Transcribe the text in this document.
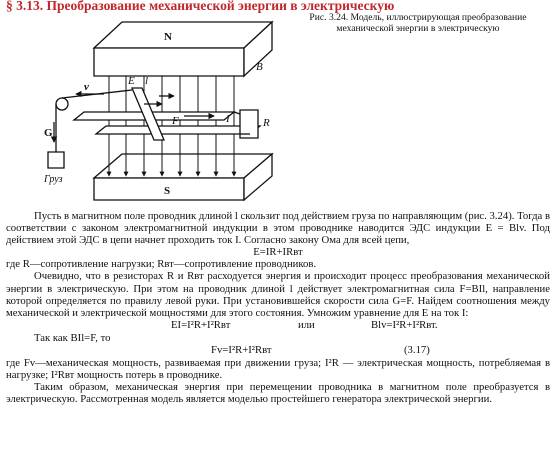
§ 3.13. Преобразование механической энергии в электрическую
Рис. 3.24. Модель, иллюстрирующая преобразование
механической энергии в электрическую
N
S
B
E l
F	I	R
v
G
Груз

Пусть в магнитном поле проводник длиной l скользит под действием груза по направляющим (рис. 3.24). Тогда в соответствии с законом электромагнитной индукции в этом проводнике наводится ЭДС индукции E = Blv. Под действием этой ЭДС в цепи начнет проходить ток I. Согласно закону Ома для всей цепи,

E=IR+IRвт

где R—сопротивление нагрузки; Rвт—сопротивление проводников.

Очевидно, что в резисторах R и Rвт расходуется энергия и происходит процесс преобразования механической энергии в электрическую. При этом на проводник длиной l действует электромагнитная сила F=BIl, направление которой определяется по правилу левой руки. При установившейся скорости сила G=F. Найдем соотношения между механической и электрической мощностями для этого состояния. Умножим уравнение для E на ток I:

EI=I²R+I²Rвт	или	Blv=I²R+I²Rвт.

Так как BIl=F, то

Fv=I²R+I²Rвт	(3.17)

где Fv—механическая мощность, развиваемая при движении груза; I²R — электрическая мощность, потребляемая в нагрузке; I²Rвт мощность потерь в проводнике.

Таким образом, механическая энергия при перемещении проводника в магнитном поле преобразуется в электрическую. Рассмотренная модель является моделью простейшего генератора электрической энергии.
